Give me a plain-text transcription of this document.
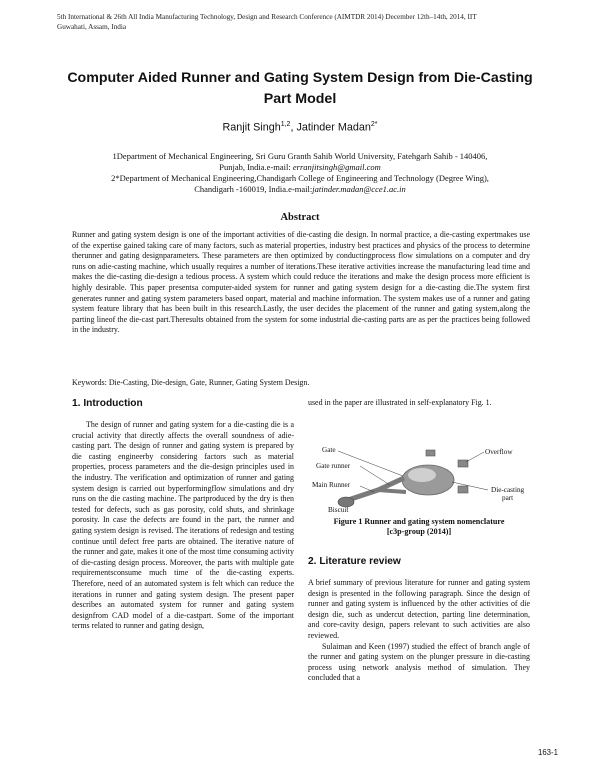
5th International & 26th All India Manufacturing Technology, Design and Research Conference (AIMTDR 2014) December 12th–14th, 2014, IIT
Guwahati, Assam, India
Computer Aided Runner and Gating System Design from Die-Casting
Part Model
Ranjit Singh$^{1,2}$, Jatinder Madan$^{2*}$
1Department of Mechanical Engineering, Sri Guru Granth Sahib World University, Fatehgarh Sahib - 140406,
Punjab, India.e-mail: erranjitsingh@gmail.com
2*Department of Mechanical Engineering,Chandigarh College of Engineering and Technology (Degree Wing),
Chandigarh -160019, India.e-mail:jatinder.madan@cce1.ac.in
Abstract
Runner and gating system design is one of the important activities of die-casting die design. In normal practice, a die-casting expertmakes use of the expertise gained taking care of many factors, such as material properties, industry best practices and physics of the process to determine therunner and gating designparameters. These parameters are then optimized by conductingprocess flow simulations on a computer and dry runs on adie-casting machine, which usually requires a number of iterations.These iterative activities increase the manufacturing lead time and makes the die-casting die-design a tedious process. A system which could reduce the iterations and make the design process more efficient is highly desirable. This paper presentsa computer-aided system for runner and gating system design for a die-casting die.The system first generates runner and gating system parameters based onpart, material and machine information. The system makes use of a runner and gating system feature library that has been built in this research.Lastly, the user decides the placement of the runner and gating system,along the parting lineof the die-cast part.Theresults obtained from the system for some industrial die-casting parts are as per the practices being followed in the industry.
Keywords: Die-Casting, Die-design, Gate, Runner, Gating System Design.
1. Introduction

The design of runner and gating system for a die-casting die is a crucial activity that directly affects the overall soundness of adie-casting part. The design of runner and gating system is prepared by die casting engineerby considering factors such as material properties, process parameters and the die-design principles used in the industry. The verification and optimization of runner and gating system design is carried out byperformingflow simulations and dry runs on the die casting machine. The partproduced by the dry is then tested for defects, such as gas porosity, cold shuts, and shrinkage porosity. In case the defects are found in the part, the runner and gating system design is revised. The iterations of redesign and testing continue until defect free parts are obtained. The iterative nature of the runner and gate, makes it one of the most time consuming activity of die-casting design process. Moreover, the parts with multiple gate requirementsconsume much time of the die-casting experts. Therefore, need of an automated system is felt which can reduce the iterations in runner and gating system design. The present paper describes an automated system for runner and gating system designfrom CAD model of a die-castpart. Some of the important terms related to runner and gating design,

used in the paper are illustrated in self-explanatory Fig. 1.
Gate
Gate runner
Main Runner
Biscuit
Overflow
Die-casting
part
Figure 1 Runner and gating system nomenclature
[c3p-group (2014)]
2. Literature review

A brief summary of previous literature for runner and gating system design is presented in the following paragraph. Since the design of runner and gating system is influenced by the other activities of die design die, such as undercut detection, parting line determination, and core-cavity design, papers relevant to such activities are also reviewed.

Sulaiman and Keen (1997) studied the effect of branch angle of the runner and gating system on the plunger pressure in die-casting process using network analysis method of simulation. They concluded that a

163-1
